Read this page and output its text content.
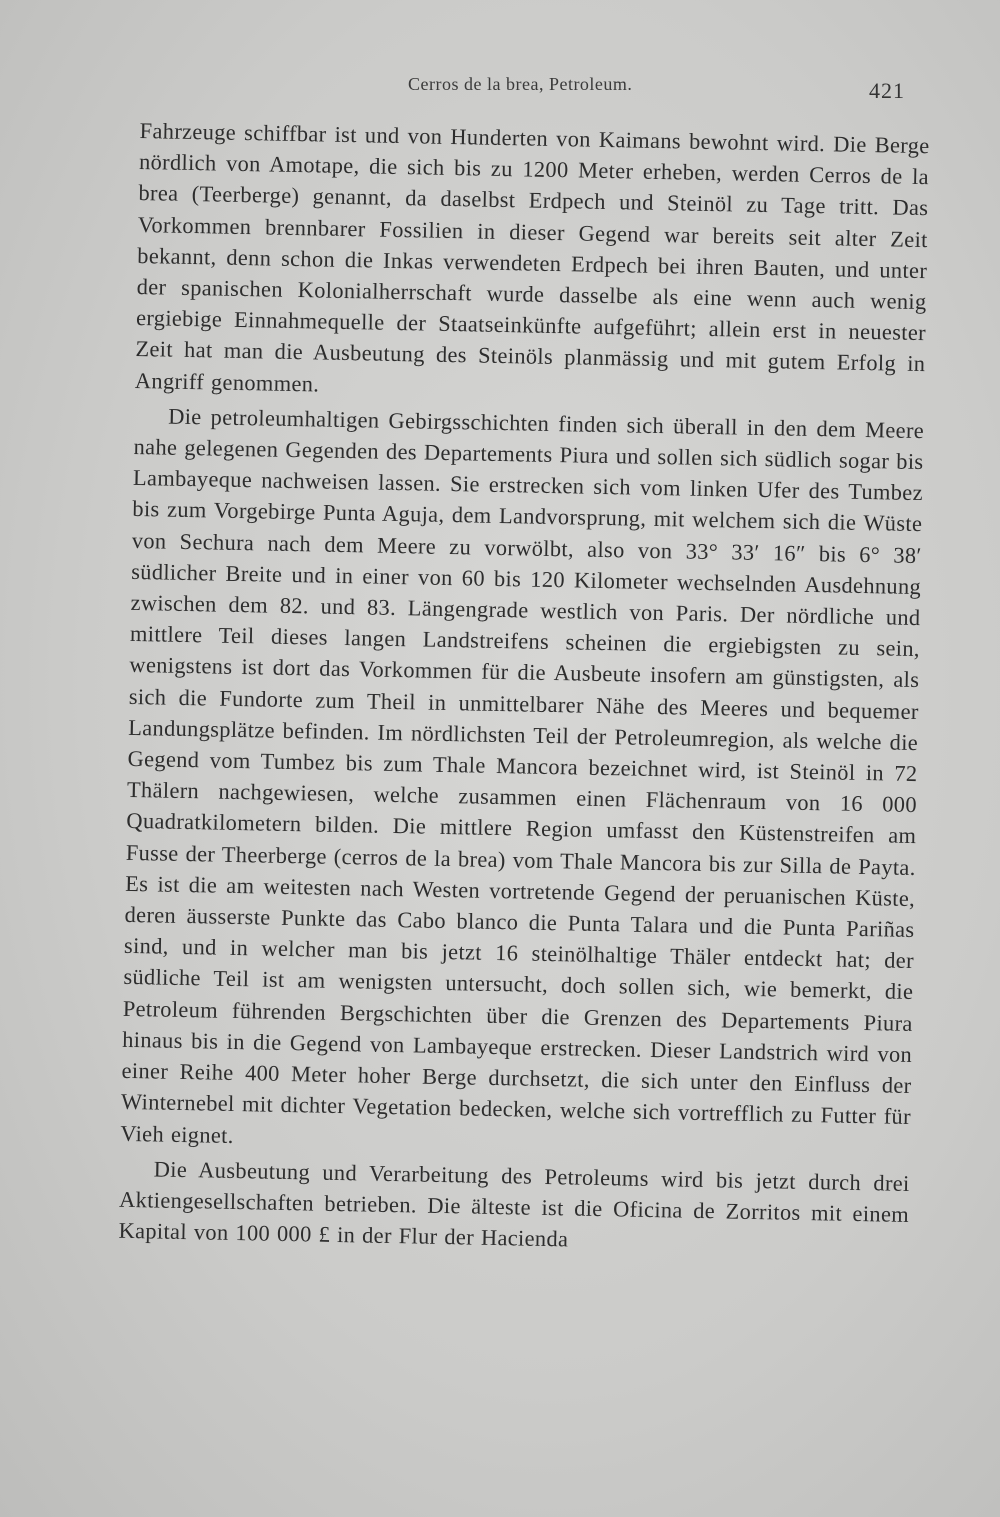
Cerros de la brea, Petroleum.	421

Fahrzeuge schiffbar ist und von Hunderten von Kaimans bewohnt wird. Die Berge nördlich von Amotape, die sich bis zu 1200 Meter erheben, werden Cerros de la brea (Teerberge) genannt, da daselbst Erdpech und Steinöl zu Tage tritt. Das Vorkommen brennbarer Fossilien in dieser Gegend war bereits seit alter Zeit bekannt, denn schon die Inkas verwendeten Erdpech bei ihren Bauten, und unter der spanischen Kolonialherrschaft wurde dasselbe als eine wenn auch wenig ergiebige Einnahmequelle der Staatseinkünfte aufgeführt; allein erst in neuester Zeit hat man die Ausbeutung des Steinöls planmässig und mit gutem Erfolg in Angriff genommen.

Die petroleumhaltigen Gebirgsschichten finden sich überall in den dem Meere nahe gelegenen Gegenden des Departements Piura und sollen sich südlich sogar bis Lambayeque nachweisen lassen. Sie erstrecken sich vom linken Ufer des Tumbez bis zum Vorgebirge Punta Aguja, dem Landvorsprung, mit welchem sich die Wüste von Sechura nach dem Meere zu vorwölbt, also von 33° 33′ 16″ bis 6° 38′ südlicher Breite und in einer von 60 bis 120 Kilometer wechselnden Ausdehnung zwischen dem 82. und 83. Längengrade westlich von Paris. Der nördliche und mittlere Teil dieses langen Landstreifens scheinen die ergiebigsten zu sein, wenigstens ist dort das Vorkommen für die Ausbeute insofern am günstigsten, als sich die Fundorte zum Theil in unmittelbarer Nähe des Meeres und bequemer Landungsplätze befinden. Im nördlichsten Teil der Petroleumregion, als welche die Gegend vom Tumbez bis zum Thale Mancora bezeichnet wird, ist Steinöl in 72 Thälern nachgewiesen, welche zusammen einen Flächenraum von 16 000 Quadratkilometern bilden. Die mittlere Region umfasst den Küstenstreifen am Fusse der Theerberge (cerros de la brea) vom Thale Mancora bis zur Silla de Payta. Es ist die am weitesten nach Westen vortretende Gegend der peruanischen Küste, deren äusserste Punkte das Cabo blanco die Punta Talara und die Punta Pariñas sind, und in welcher man bis jetzt 16 steinölhaltige Thäler entdeckt hat; der südliche Teil ist am wenigsten untersucht, doch sollen sich, wie bemerkt, die Petroleum führenden Bergschichten über die Grenzen des Departements Piura hinaus bis in die Gegend von Lambayeque erstrecken. Dieser Landstrich wird von einer Reihe 400 Meter hoher Berge durchsetzt, die sich unter den Einfluss der Winternebel mit dichter Vegetation bedecken, welche sich vortrefflich zu Futter für Vieh eignet.

Die Ausbeutung und Verarbeitung des Petroleums wird bis jetzt durch drei Aktiengesellschaften betrieben. Die älteste ist die Oficina de Zorritos mit einem Kapital von 100 000 £ in der Flur der Hacienda
